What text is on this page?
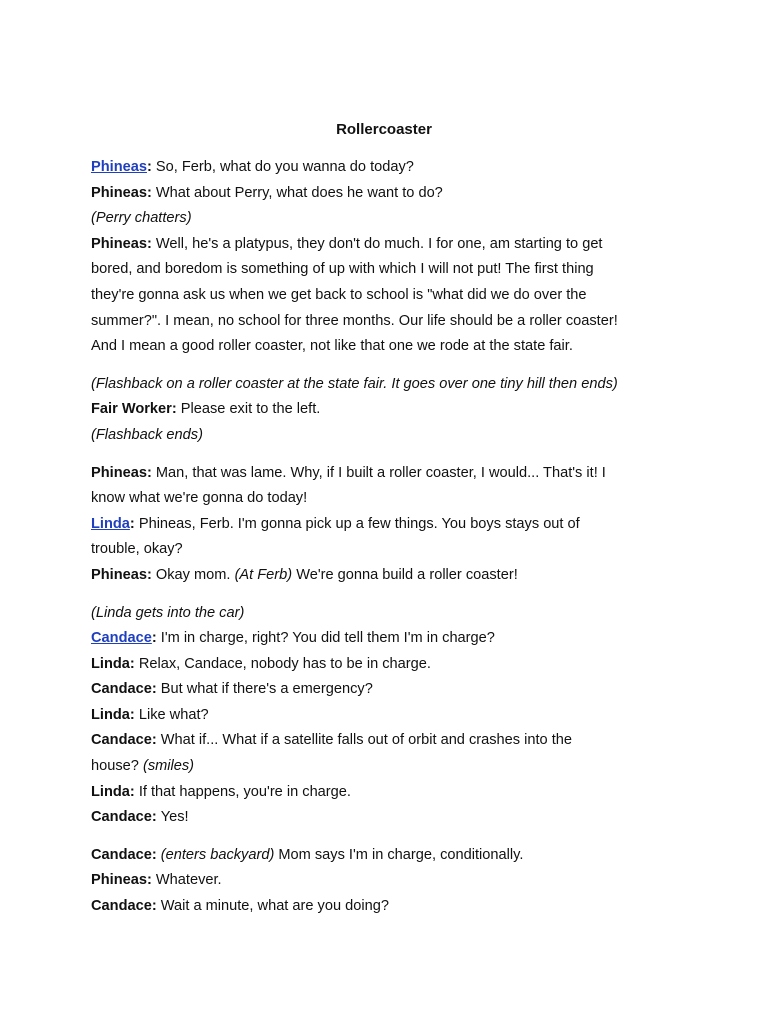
Rollercoaster
Phineas: So, Ferb, what do you wanna do today?
Phineas: What about Perry, what does he want to do?
(Perry chatters)
Phineas: Well, he's a platypus, they don't do much. I for one, am starting to get
bored, and boredom is something of up with which I will not put! The first thing
they're gonna ask us when we get back to school is "what did we do over the
summer?". I mean, no school for three months. Our life should be a roller coaster!
And I mean a good roller coaster, not like that one we rode at the state fair.
(Flashback on a roller coaster at the state fair. It goes over one tiny hill then ends)
Fair Worker: Please exit to the left.
(Flashback ends)
Phineas: Man, that was lame. Why, if I built a roller coaster, I would... That's it! I
know what we're gonna do today!
Linda: Phineas, Ferb. I'm gonna pick up a few things. You boys stays out of
trouble, okay?
Phineas: Okay mom. (At Ferb) We're gonna build a roller coaster!
(Linda gets into the car)
Candace: I'm in charge, right? You did tell them I'm in charge?
Linda: Relax, Candace, nobody has to be in charge.
Candace: But what if there's a emergency?
Linda: Like what?
Candace: What if... What if a satellite falls out of orbit and crashes into the
house? (smiles)
Linda: If that happens, you're in charge.
Candace: Yes!
Candace: (enters backyard) Mom says I'm in charge, conditionally.
Phineas: Whatever.
Candace: Wait a minute, what are you doing?
